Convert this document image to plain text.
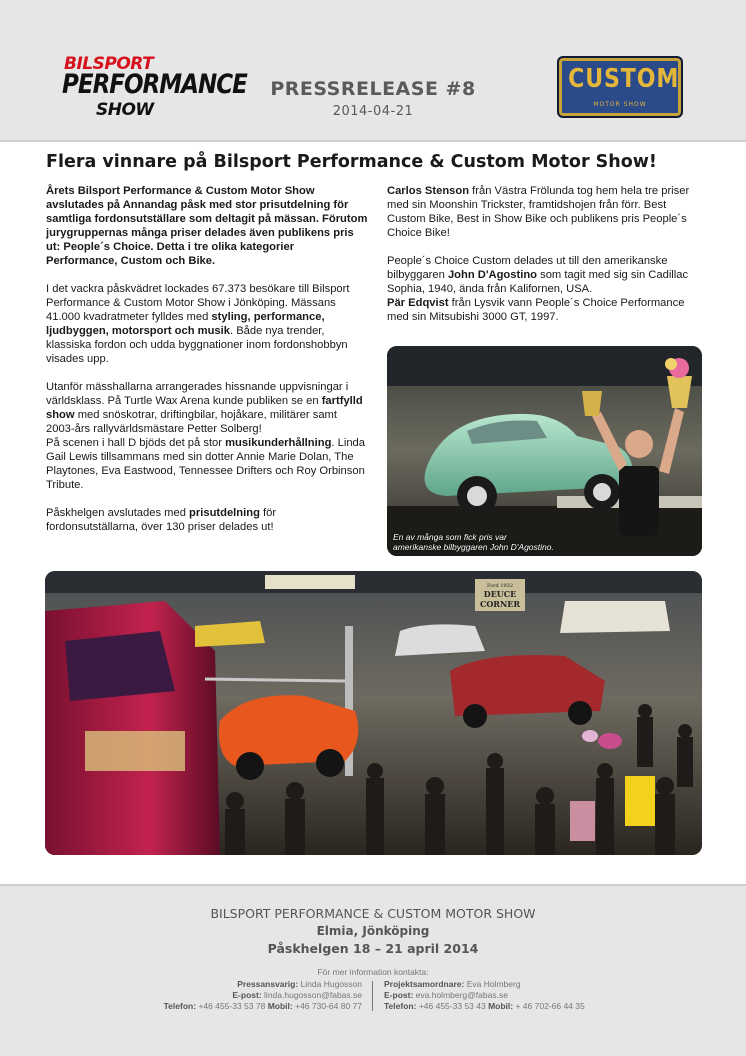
BILSPORT
PERFORMANCE
SHOW
PRESSRELEASE #8
2014-04-21
CUSTOM
MOTOR SHOW
Flera vinnare på Bilsport Performance & Custom Motor Show!
Årets Bilsport Performance & Custom Motor Show avslutades på Annandag påsk med stor prisutdelning för samtliga fordonsutställare som deltagit på mässan. Förutom jurygruppernas många priser delades även publikens pris ut: People´s Choice. Detta i tre olika kategorier Performance, Custom och Bike.

I det vackra påskvädret lockades 67.373 besökare till Bilsport Performance & Custom Motor Show i Jönköping. Mässans 41.000 kvadratmeter fylldes med styling, performance, ljudbyggen, motorsport och musik. Både nya trender, klassiska fordon och udda byggnationer inom fordonshobbyn visades upp.

Utanför mässhallarna arrangerades hissnande uppvisningar i världsklass. På Turtle Wax Arena kunde publiken se en fartfylld show med snöskotrar, driftingbilar, hojåkare, militärer samt 2003-års rallyvärldsmästare Petter Solberg!
På scenen i hall D bjöds det på stor musikunderhållning. Linda Gail Lewis tillsammans med sin dotter Annie Marie Dolan, The Playtones, Eva Eastwood, Tennessee Drifters och Roy Orbinson Tribute.

Påskhelgen avslutades med prisutdelning för fordonsutställarna, över 130 priser delades ut!

Carlos Stenson från Västra Frölunda tog hem hela tre priser med sin Moonshin Trickster, framtidshojen från förr. Best Custom Bike, Best in Show Bike och publikens pris People´s Choice Bike!

People´s Choice Custom delades ut till den amerikanske bilbyggaren John D'Agostino som tagit med sig sin Cadillac Sophia, 1940, ända från Kalifornen, USA.
Pär Edqvist från Lysvik vann People´s Choice Performance med sin Mitsubishi 3000 GT, 1997.

En av många som fick pris var
amerikanske bilbyggaren John D'Agostino.
Ford 1932
DEUCE
CORNER
BILSPORT PERFORMANCE & CUSTOM MOTOR SHOW
Elmia, Jönköping
Påskhelgen 18 – 21 april 2014
För mer information kontakta:
Pressansvarig: Linda Hugosson
E-post: linda.hugosson@fabas.se
Telefon: +46 455-33 53 78 Mobil: +46 730-64 80 77
Projektsamordnare: Eva Holmberg
E-post: eva.holmberg@fabas.se
Telefon: +46 455-33 53 43 Mobil: + 46 702-66 44 35
